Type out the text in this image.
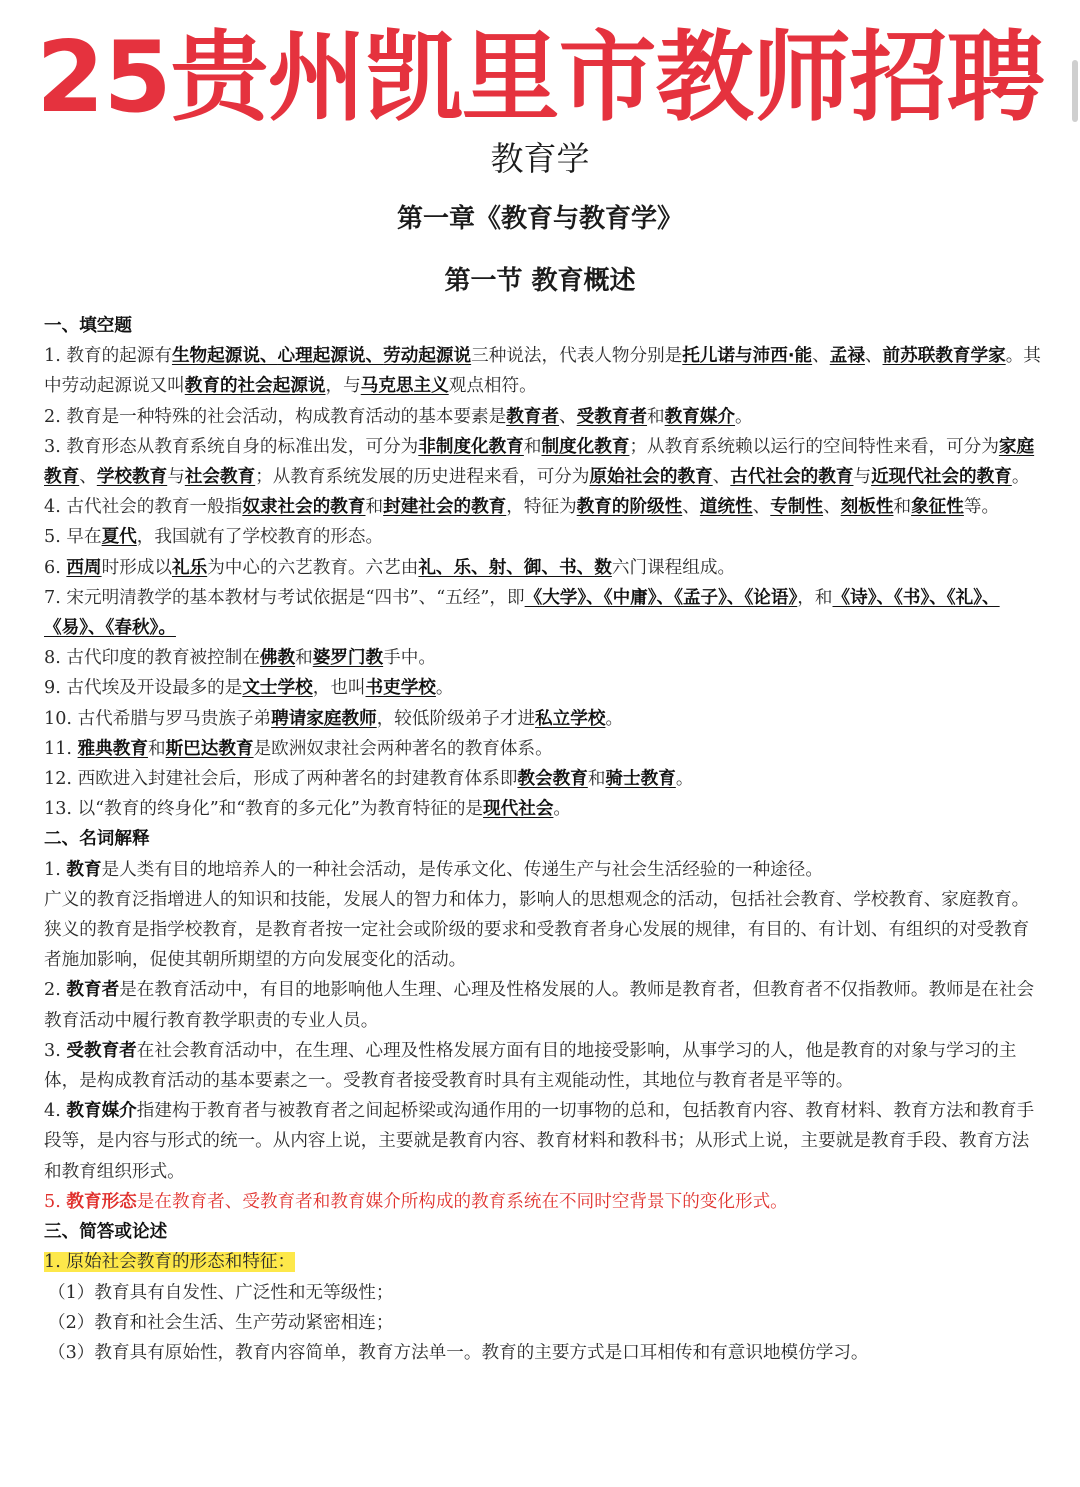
25贵州凯里市教师招聘
教育学
第一章《教育与教育学》
第一节 教育概述

一、填空题

1. 教育的起源有生物起源说、心理起源说、劳动起源说三种说法，代表人物分别是托儿诺与沛西·能、孟禄、前苏联教育学家。其中劳动起源说又叫教育的社会起源说，与马克思主义观点相符。

2. 教育是一种特殊的社会活动，构成教育活动的基本要素是教育者、受教育者和教育媒介。

3. 教育形态从教育系统自身的标准出发，可分为非制度化教育和制度化教育；从教育系统赖以运行的空间特性来看，可分为家庭教育、学校教育与社会教育；从教育系统发展的历史进程来看，可分为原始社会的教育、古代社会的教育与近现代社会的教育。

4. 古代社会的教育一般指奴隶社会的教育和封建社会的教育，特征为教育的阶级性、道统性、专制性、刻板性和象征性等。

5. 早在夏代，我国就有了学校教育的形态。

6. 西周时形成以礼乐为中心的六艺教育。六艺由礼、乐、射、御、书、数六门课程组成。

7. 宋元明清教学的基本教材与考试依据是“四书”、“五经”，即《大学》、《中庸》、《孟子》、《论语》，和《诗》、《书》、《礼》、《易》、《春秋》。

8. 古代印度的教育被控制在佛教和婆罗门教手中。

9. 古代埃及开设最多的是文士学校，也叫书吏学校。

10. 古代希腊与罗马贵族子弟聘请家庭教师，较低阶级弟子才进私立学校。

11. 雅典教育和斯巴达教育是欧洲奴隶社会两种著名的教育体系。

12. 西欧进入封建社会后，形成了两种著名的封建教育体系即教会教育和骑士教育。

13. 以“教育的终身化”和“教育的多元化”为教育特征的是现代社会。

二、名词解释

1. 教育是人类有目的地培养人的一种社会活动，是传承文化、传递生产与社会生活经验的一种途径。

广义的教育泛指增进人的知识和技能，发展人的智力和体力，影响人的思想观念的活动，包括社会教育、学校教育、家庭教育。

狭义的教育是指学校教育，是教育者按一定社会或阶级的要求和受教育者身心发展的规律，有目的、有计划、有组织的对受教育者施加影响，促使其朝所期望的方向发展变化的活动。

2. 教育者是在教育活动中，有目的地影响他人生理、心理及性格发展的人。教师是教育者，但教育者不仅指教师。教师是在社会教育活动中履行教育教学职责的专业人员。

3. 受教育者在社会教育活动中，在生理、心理及性格发展方面有目的地接受影响，从事学习的人，他是教育的对象与学习的主体，是构成教育活动的基本要素之一。受教育者接受教育时具有主观能动性，其地位与教育者是平等的。

4. 教育媒介指建构于教育者与被教育者之间起桥梁或沟通作用的一切事物的总和，包括教育内容、教育材料、教育方法和教育手段等，是内容与形式的统一。从内容上说，主要就是教育内容、教育材料和教科书；从形式上说，主要就是教育手段、教育方法和教育组织形式。

5. 教育形态是在教育者、受教育者和教育媒介所构成的教育系统在不同时空背景下的变化形式。

三、简答或论述

1. 原始社会教育的形态和特征：

（1）教育具有自发性、广泛性和无等级性；

（2）教育和社会生活、生产劳动紧密相连；

（3）教育具有原始性，教育内容简单，教育方法单一。教育的主要方式是口耳相传和有意识地模仿学习。
